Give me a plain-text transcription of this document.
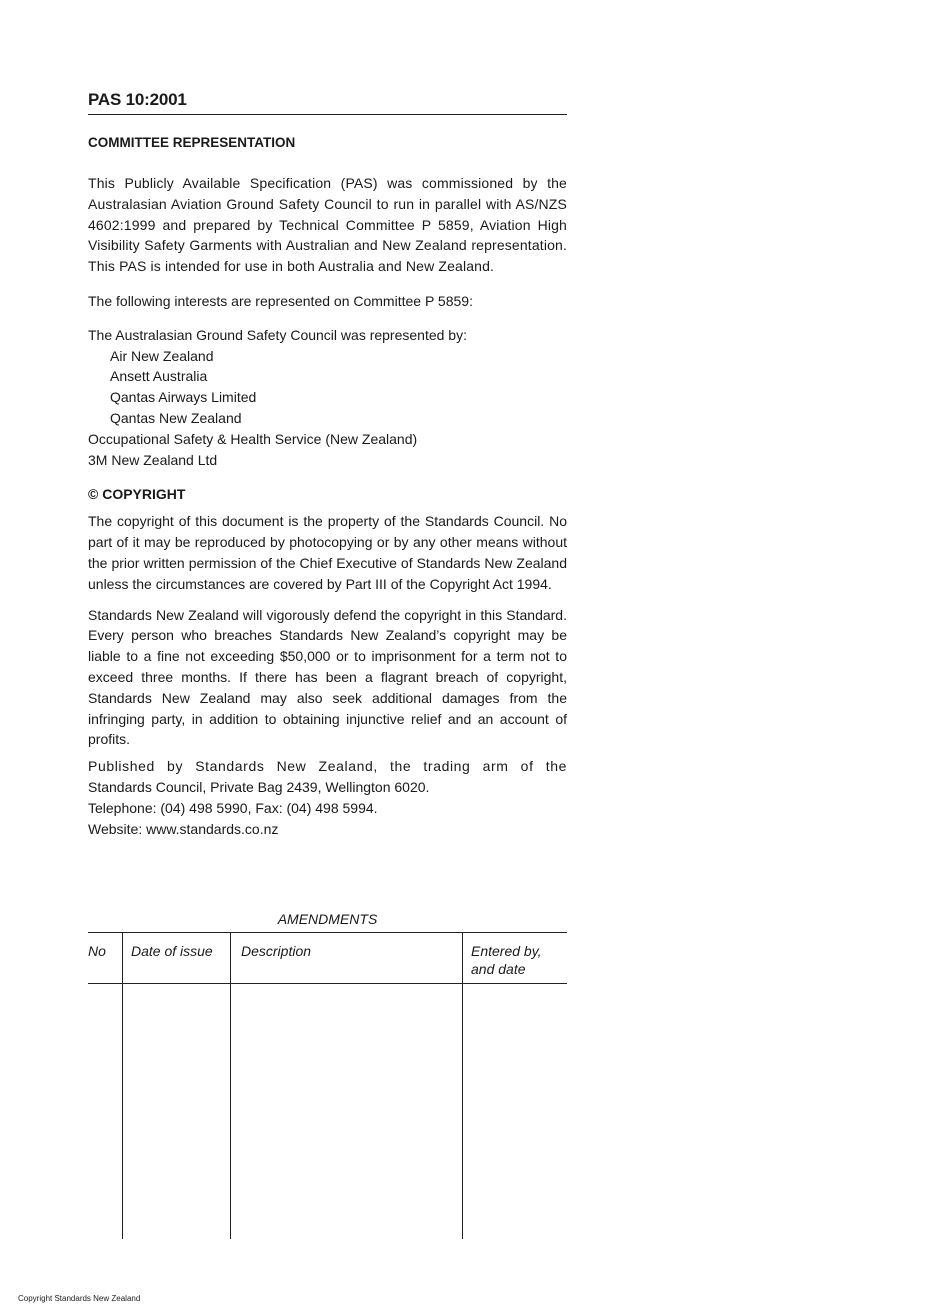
PAS 10:2001
COMMITTEE REPRESENTATION

This Publicly Available Specification (PAS) was commissioned by the Australasian Aviation Ground Safety Council to run in parallel with AS/NZS 4602:1999 and prepared by Technical Committee P 5859, Aviation High Visibility Safety Garments with Australian and New Zealand representation. This PAS is intended for use in both Australia and New Zealand.

The following interests are represented on Committee P 5859:

The Australasian Ground Safety Council was represented by:
Air New Zealand
Ansett Australia
Qantas Airways Limited
Qantas New Zealand
Occupational Safety & Health Service (New Zealand)
3M New Zealand Ltd
© COPYRIGHT

The copyright of this document is the property of the Standards Council. No part of it may be reproduced by photocopying or by any other means without the prior written permission of the Chief Executive of Standards New Zealand unless the circumstances are covered by Part III of the Copyright Act 1994.

Standards New Zealand will vigorously defend the copyright in this Standard. Every person who breaches Standards New Zealand’s copyright may be liable to a fine not exceeding $50,000 or to imprisonment for a term not to exceed three months. If there has been a flagrant breach of copyright, Standards New Zealand may also seek additional damages from the infringing party, in addition to obtaining injunctive relief and an account of profits.

Published by Standards New Zealand, the trading arm of the
Standards Council, Private Bag 2439, Wellington 6020.
Telephone: (04) 498 5990, Fax: (04) 498 5994.
Website: www.standards.co.nz
AMENDMENTS
No Date of issue Description	Entered by,
and date
Copyright Standards New Zealand
